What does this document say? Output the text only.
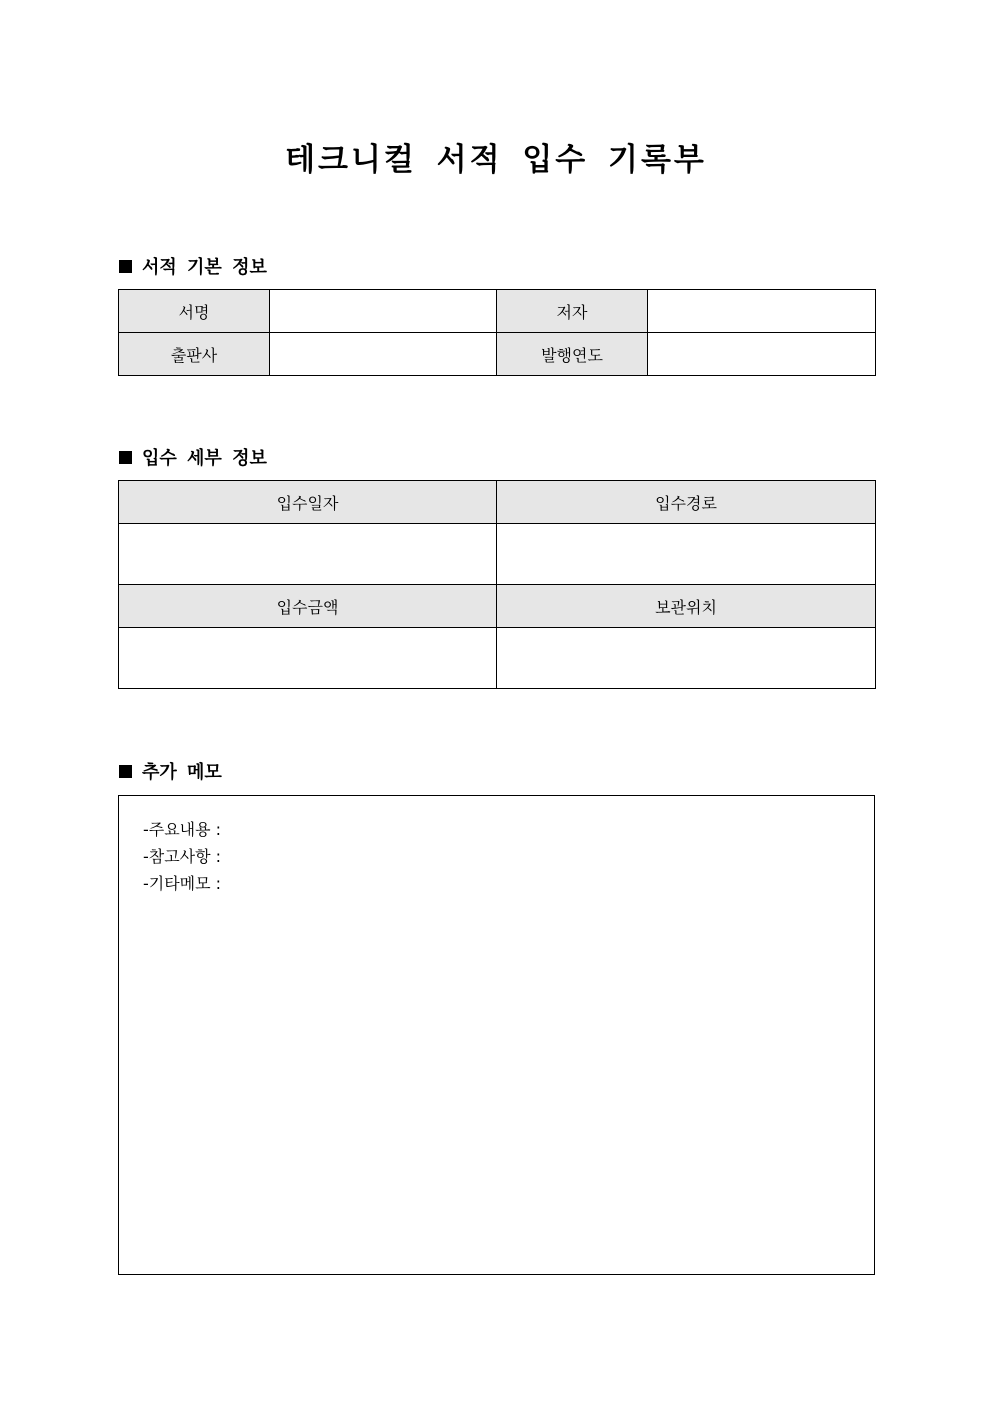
테크니컬 서적 입수 기록부
서적 기본 정보
서명		저자	
출판사		발행연도	
입수 세부 정보
입수일자	입수경로

입수금액	보관위치

추가 메모
-주요내용 :
-참고사항 :
-기타메모 :
